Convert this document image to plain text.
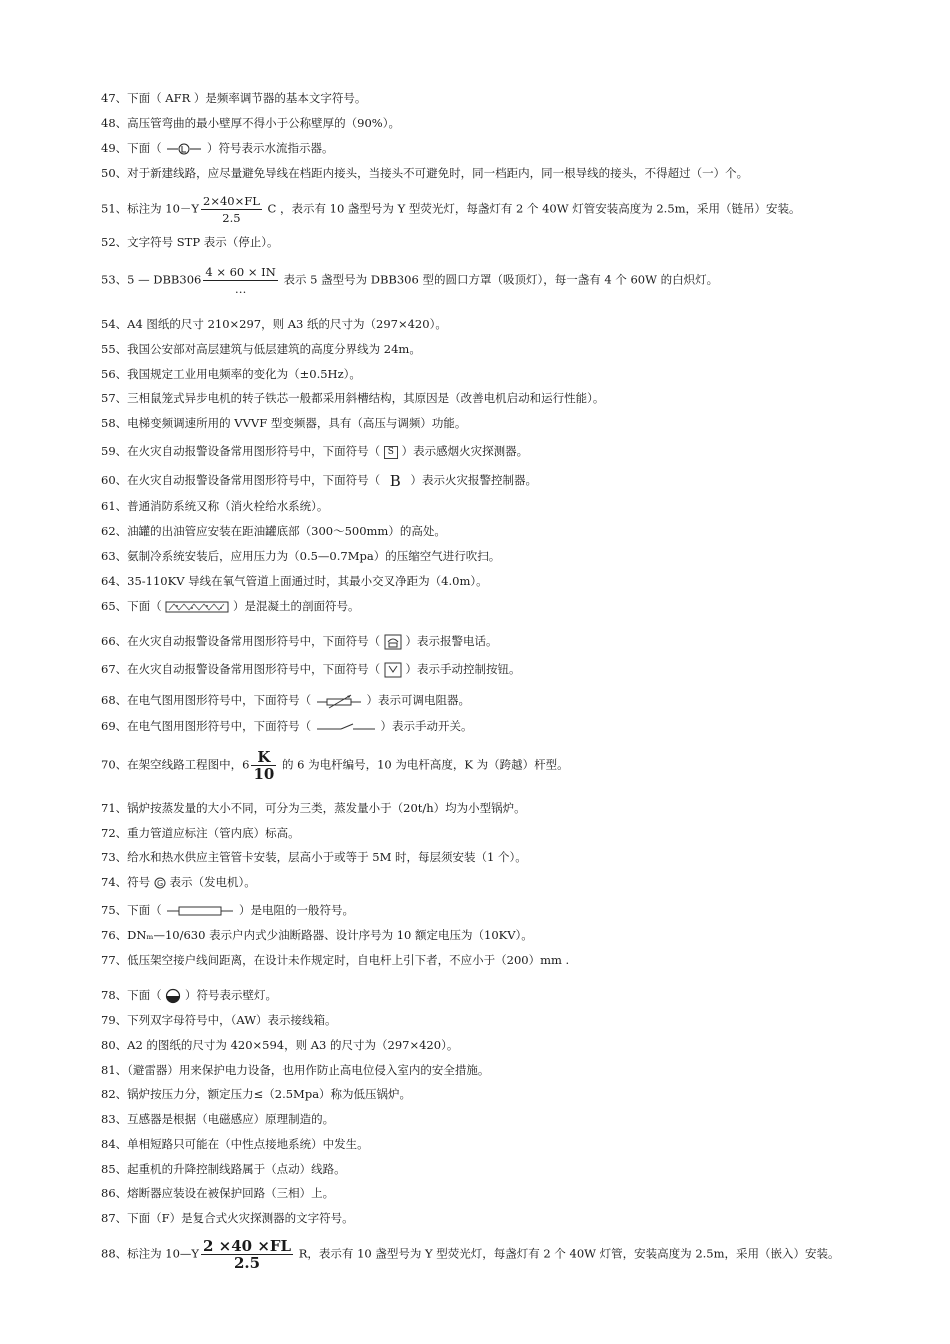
47、下面（ AFR ）是频率调节器的基本文字符号。
48、高压管弯曲的最小壁厚不得小于公称壁厚的（90%）。
49、下面（	）符号表示水流指示器。
50、对于新建线路，应尽量避免导线在档距内接头，当接头不可避免时，同一档距内，同一根导线的接头，不得超过（一）个。
51、标注为 $10-Y \frac{2\times 40\times FL}{2.5}$ C ，表示有 10 盏型号为 Y 型荧光灯，每盏灯有 2 个 40W 灯管安装高度为 2.5m，采用（链吊）安装。
52、文字符号 STP 表示（停止）。
53、5 — $DBB306 \frac{4 \times 60 \times IN}{\dots}$ 表示 5 盏型号为 DBB306 型的圆口方罩（吸顶灯），每一盏有 4 个 60W 的白炽灯。
54、A4 图纸的尺寸 210×297，则 A3 纸的尺寸为（297×420）。
55、我国公安部对高层建筑与低层建筑的高度分界线为 24m。
56、我国规定工业用电频率的变化为（±0.5Hz）。
57、三相鼠笼式异步电机的转子铁芯一般都采用斜槽结构，其原因是（改善电机启动和运行性能）。
58、电梯变频调速所用的 VVVF 型变频器，具有（高压与调频）功能。
59、在火灾自动报警设备常用图形符号中，下面符号（ S ）表示感烟火灾探测器。
60、在火灾自动报警设备常用图形符号中，下面符号（ B ）表示火灾报警控制器。
61、普通消防系统又称（消火栓给水系统）。
62、油罐的出油管应安装在距油罐底部（300～500mm）的高处。
63、氨制冷系统安装后，应用压力为（0.5—0.7Mpa）的压缩空气进行吹扫。
64、35-110KV 导线在氧气管道上面通过时，其最小交叉净距为（4.0m）。
65、下面（	）是混凝土的剖面符号。
66、在火灾自动报警设备常用图形符号中，下面符号（ ）表示报警电话。
67、在火灾自动报警设备常用图形符号中，下面符号（ ）表示手动控制按钮。
68、在电气图用图形符号中，下面符号（	）表示可调电阻器。
69、在电气图用图形符号中，下面符号（	）表示手动开关。
70、在架空线路工程图中，$6 \frac{K}{10}$ 的 6 为电杆编号，10 为电杆高度，K 为（跨越）杆型。
71、锅炉按蒸发量的大小不同，可分为三类，蒸发量小于（20t/h）均为小型锅炉。
72、重力管道应标注（管内底）标高。
73、给水和热水供应主管管卡安装，层高小于或等于 5M 时，每层须安装（1 个）。
74、符号 G 表示（发电机）。
75、下面（	）是电阻的一般符号。
76、DNₘ—10/630 表示户内式少油断路器、设计序号为 10 额定电压为（10KV）。
77、低压架空接户线间距离，在设计未作规定时，自电杆上引下者，不应小于（200）mm .
78、下面（ ）符号表示壁灯。
79、下列双字母符号中，（AW）表示接线箱。
80、A2 的图纸的尺寸为 420×594，则 A3 的尺寸为（297×420）。
81、（避雷器）用来保护电力设备，也用作防止高电位侵入室内的安全措施。
82、锅炉按压力分，额定压力≤（2.5Mpa）称为低压锅炉。
83、互感器是根据（电磁感应）原理制造的。
84、单相短路只可能在（中性点接地系统）中发生。
85、起重机的升降控制线路属于（点动）线路。
86、熔断器应装设在被保护回路（三相）上。
87、下面（F）是复合式火灾探测器的文字符号。
88、标注为 10—Y $\frac{2 \times 40 \times FL}{2.5}$ R，表示有 10 盏型号为 Y 型荧光灯，每盏灯有 2 个 40W 灯管，安装高度为 2.5m，采用（嵌入）安装。
